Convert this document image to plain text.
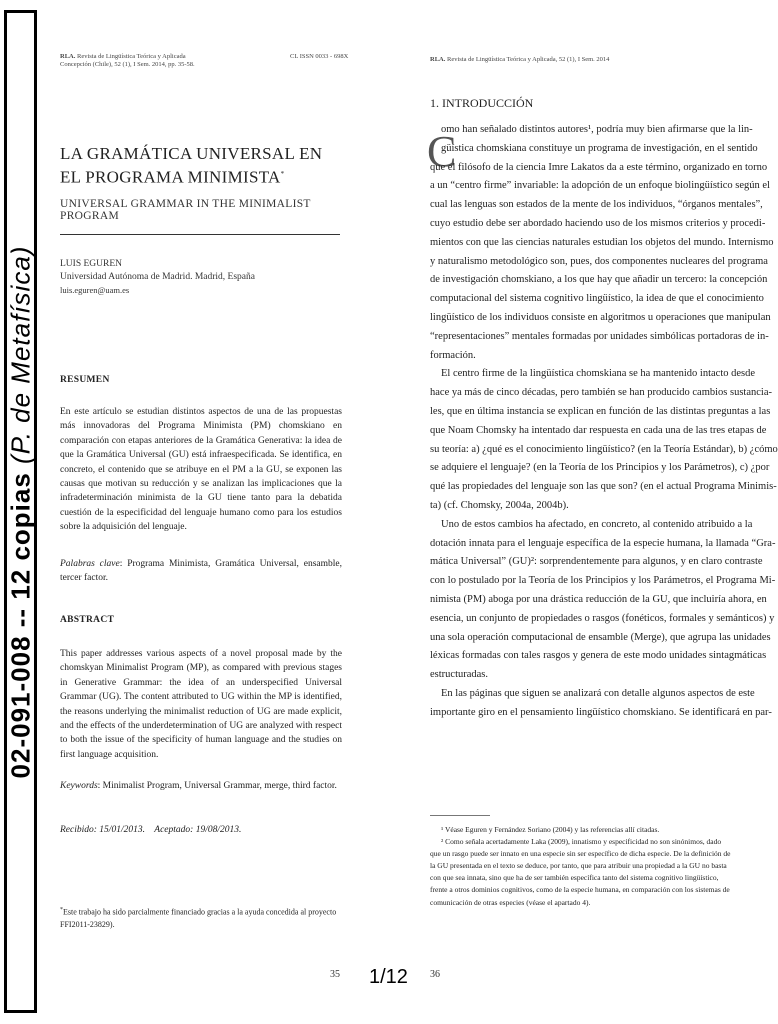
02-091-008 -- 12 copias (P. de Metafísica)
RLA. Revista de Lingüística Teórica y Aplicada
Concepción (Chile), 52 (1), I Sem. 2014, pp. 35-58.
CL ISSN 0033 - 698X
LA GRAMÁTICA UNIVERSAL EN
EL PROGRAMA MINIMISTA*
UNIVERSAL GRAMMAR IN THE MINIMALIST PROGRAM
LUIS EGUREN
Universidad Autónoma de Madrid. Madrid, España
luis.eguren@uam.es
RESUMEN
En este artículo se estudian distintos aspectos de una de las propuestas más innovadoras del Programa Minimista (PM) chomskiano en comparación con etapas anteriores de la Gramática Generativa: la idea de que la Gramática Universal (GU) está infraespecificada. Se identifica, en concreto, el contenido que se atribuye en el PM a la GU, se exponen las causas que motivan su reducción y se analizan las implicaciones que la infradeterminación minimista de la GU tiene tanto para la debatida cuestión de la especificidad del lenguaje humano como para los estudios sobre la adquisición del lenguaje.
Palabras clave: Programa Minimista, Gramática Universal, ensamble, tercer factor.
ABSTRACT
This paper addresses various aspects of a novel proposal made by the chomskyan Minimalist Program (MP), as compared with previous stages in Generative Grammar: the idea of an underspecified Universal Grammar (UG). The content attributed to UG within the MP is identified, the reasons underlying the minimalist reduction of UG are made explicit, and the effects of the underdetermination of UG are analyzed with respect to both the issue of the specificity of human language and the studies on first language acquisition.
Keywords: Minimalist Program, Universal Grammar, merge, third factor.
Recibido: 15/01/2013.    Aceptado: 19/08/2013.
*Este trabajo ha sido parcialmente financiado gracias a la ayuda concedida al proyecto FFI2011-23829).
35 1/12
RLA. Revista de Lingüística Teórica y Aplicada, 52 (1), I Sem. 2014
1. INTRODUCCIÓN
C
omo han señalado distintos autores¹, podría muy bien afirmarse que la lin-
güística chomskiana constituye un programa de investigación, en el sentido
que el filósofo de la ciencia Imre Lakatos da a este término, organizado en torno
a un “centro firme” invariable: la adopción de un enfoque biolingüístico según el
cual las lenguas son estados de la mente de los individuos, “órganos mentales”,
cuyo estudio debe ser abordado haciendo uso de los mismos criterios y procedi-
mientos con que las ciencias naturales estudian los objetos del mundo. Internismo
y naturalismo metodológico son, pues, dos componentes nucleares del programa
de investigación chomskiano, a los que hay que añadir un tercero: la concepción
computacional del sistema cognitivo lingüístico, la idea de que el conocimiento
lingüístico de los individuos consiste en algoritmos u operaciones que manipulan
“representaciones” mentales formadas por unidades simbólicas portadoras de in-
formación.
El centro firme de la lingüística chomskiana se ha mantenido intacto desde
hace ya más de cinco décadas, pero también se han producido cambios sustancia-
les, que en última instancia se explican en función de las distintas preguntas a las
que Noam Chomsky ha intentado dar respuesta en cada una de las tres etapas de
su teoría: a) ¿qué es el conocimiento lingüístico? (en la Teoría Estándar), b) ¿cómo
se adquiere el lenguaje? (en la Teoría de los Principios y los Parámetros), c) ¿por
qué las propiedades del lenguaje son las que son? (en el actual Programa Minimis-
ta) (cf. Chomsky, 2004a, 2004b).
Uno de estos cambios ha afectado, en concreto, al contenido atribuido a la
dotación innata para el lenguaje específica de la especie humana, la llamada “Gra-
mática Universal” (GU)²: sorprendentemente para algunos, y en claro contraste
con lo postulado por la Teoría de los Principios y los Parámetros, el Programa Mi-
nimista (PM) aboga por una drástica reducción de la GU, que incluiría ahora, en
esencia, un conjunto de propiedades o rasgos (fonéticos, formales y semánticos) y
una sola operación computacional de ensamble (Merge), que agrupa las unidades
léxicas formadas con tales rasgos y genera de este modo unidades sintagmáticas
estructuradas.
En las páginas que siguen se analizará con detalle algunos aspectos de este
importante giro en el pensamiento lingüístico chomskiano. Se identificará en par-
¹ Véase Eguren y Fernández Soriano (2004) y las referencias allí citadas.
² Como señala acertadamente Laka (2009), innatismo y especificidad no son sinónimos, dado
que un rasgo puede ser innato en una especie sin ser específico de dicha especie. De la definición de
la GU presentada en el texto se deduce, por tanto, que para atribuir una propiedad a la GU no basta
con que sea innata, sino que ha de ser también específica tanto del sistema cognitivo lingüístico,
frente a otros dominios cognitivos, como de la especie humana, en comparación con los sistemas de
comunicación de otras especies (véase el apartado 4).
36
